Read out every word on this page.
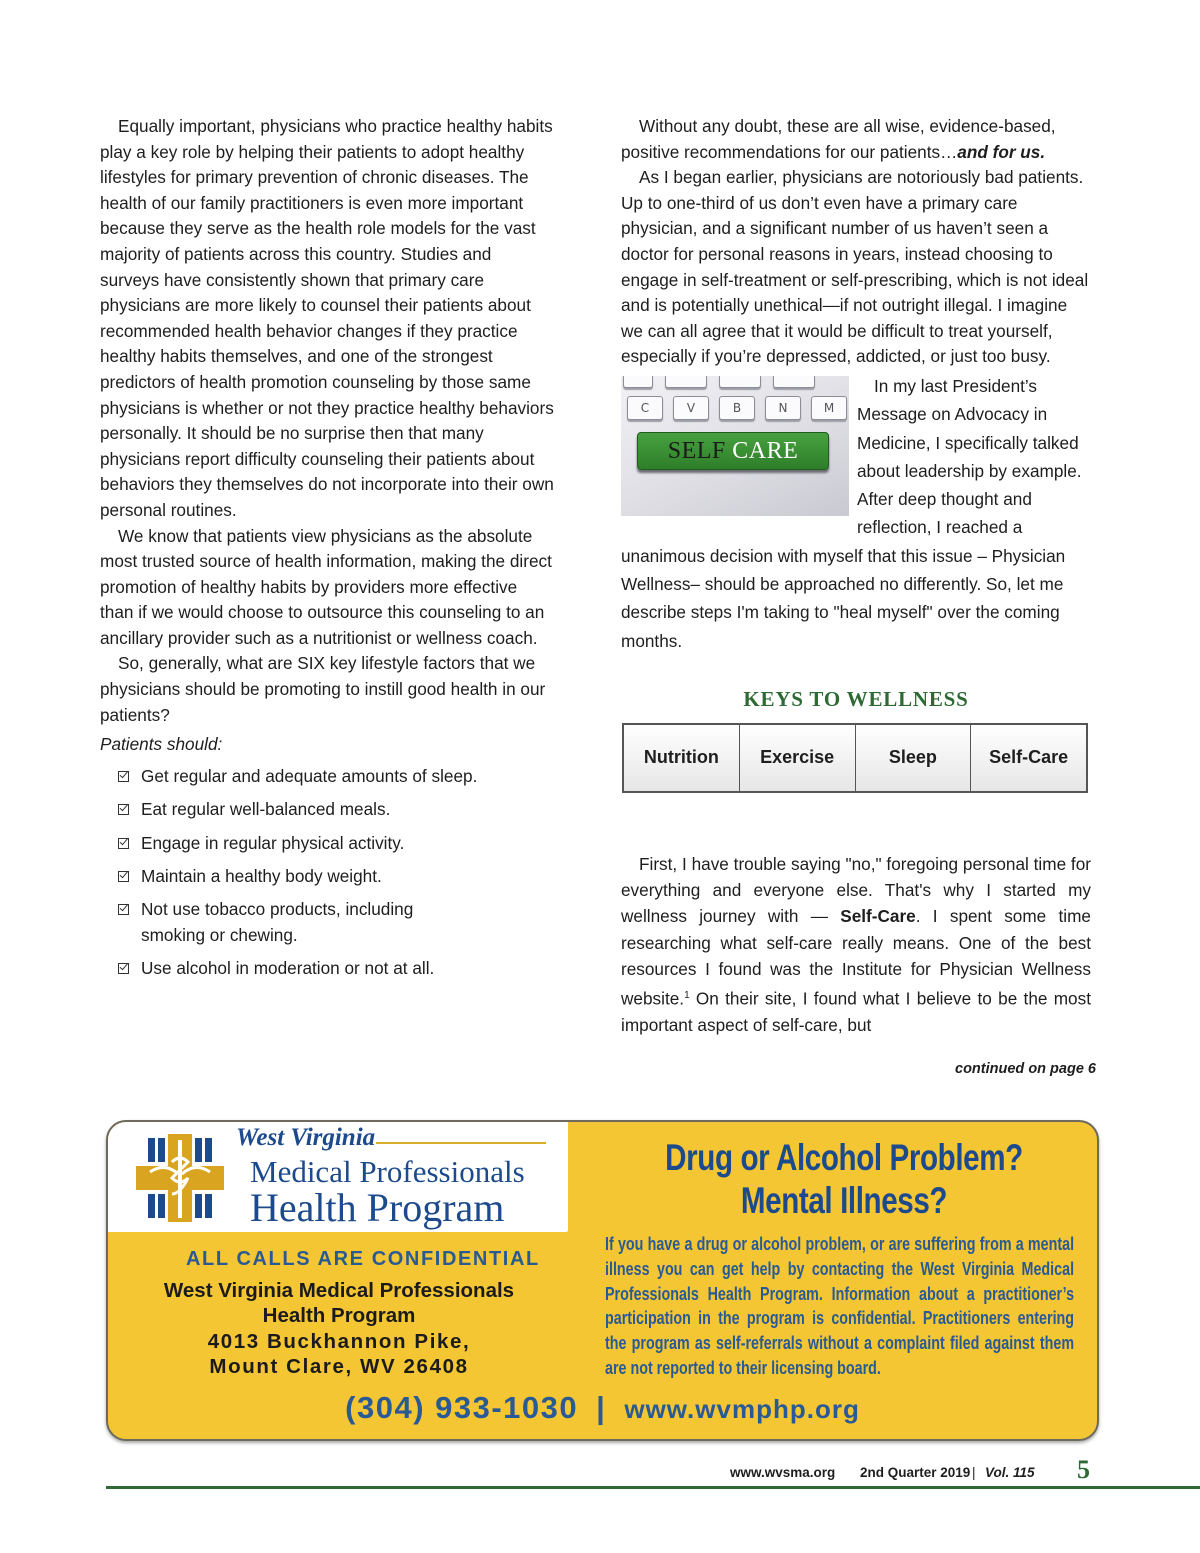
Equally important, physicians who practice healthy habits play a key role by helping their patients to adopt healthy lifestyles for primary prevention of chronic diseases. The health of our family practitioners is even more important because they serve as the health role models for the vast majority of patients across this country. Studies and surveys have consistently shown that primary care physicians are more likely to counsel their patients about recommended health behavior changes if they practice healthy habits themselves, and one of the strongest predictors of health promotion counseling by those same physicians is whether or not they practice healthy behaviors personally. It should be no surprise then that many physicians report difficulty counseling their patients about behaviors they themselves do not incorporate into their own personal routines.

We know that patients view physicians as the absolute most trusted source of health information, making the direct promotion of healthy habits by providers more effective than if we would choose to outsource this counseling to an ancillary provider such as a nutritionist or wellness coach.

So, generally, what are SIX key lifestyle factors that we physicians should be promoting to instill good health in our patients?

Patients should:

Get regular and adequate amounts of sleep.
Eat regular well-balanced meals.
Engage in regular physical activity.
Maintain a healthy body weight.
Not use tobacco products, including smoking or chewing.
Use alcohol in moderation or not at all.

Without any doubt, these are all wise, evidence-based, positive recommendations for our patients…and for us.

As I began earlier, physicians are notoriously bad patients. Up to one-third of us don’t even have a primary care physician, and a significant number of us haven’t seen a doctor for personal reasons in years, instead choosing to engage in self-treatment or self-prescribing, which is not ideal and is potentially unethical—if not outright illegal. I imagine we can all agree that it would be difficult to treat yourself, especially if you’re depressed, addicted, or just too busy.

C	V	B	N	M
SELF CARE

In my last President’s Message on Advocacy in Medicine, I specifically talked about leadership by example. After deep thought and reflection, I reached a unanimous decision with myself that this issue – Physician Wellness– should be approached no differently. So, let me describe steps I'm taking to "heal myself" over the coming months.

KEYS TO WELLNESS
Nutrition	Exercise	Sleep	Self-Care

First, I have trouble saying "no," foregoing personal time for everything and everyone else. That's why I started my wellness journey with — Self-Care. I spent some time researching what self-care really means. One of the best resources I found was the Institute for Physician Wellness website.$^1$ On their site, I found what I believe to be the most important aspect of self-care, but

continued on page 6
West Virginia
Medical Professionals
Health Program
ALL CALLS ARE CONFIDENTIAL
West Virginia Medical Professionals
Health Program
4013 Buckhannon Pike,
Mount Clare, WV 26408
Drug or Alcohol Problem?
Mental Illness?
If you have a drug or alcohol problem, or are suffering from a mental illness you can get help by contacting the West Virginia Medical Professionals Health Program. Information about a practitioner’s participation in the program is confidential. Practitioners entering the program as self-referrals without a complaint filed against them are not reported to their licensing board.
(304) 933-1030 | www.wvmphp.org
www.wvsma.org 2nd Quarter 2019 | Vol. 115 5
